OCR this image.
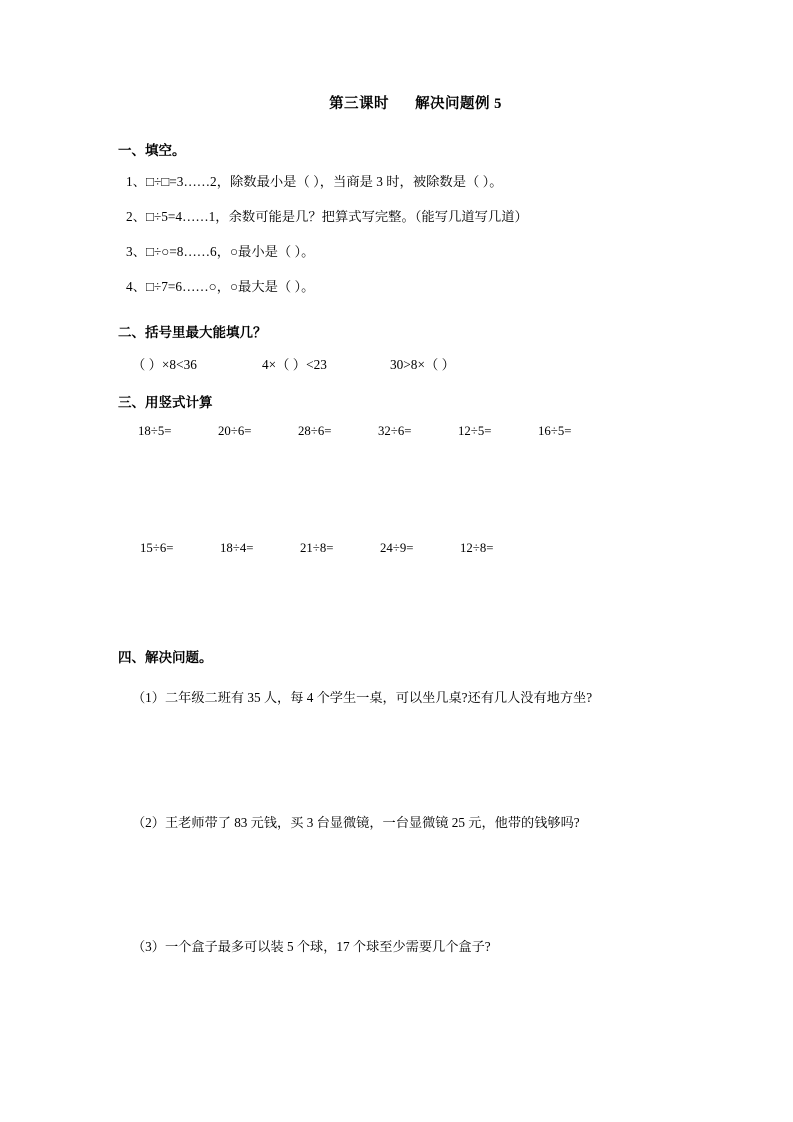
第三课时 解决问题例 5
一、填空。
1、□÷□=3……2，除数最小是（ ），当商是 3 时，被除数是（ ）。
2、□÷5=4……1，余数可能是几？把算式写完整。（能写几道写几道）
3、□÷○=8……6，○最小是（ ）。
4、□÷7=6……○，○最大是（ ）。
二、括号里最大能填几？
（ ）×8<36	4×（ ）<23	30>8×（ ）
三、用竖式计算
18÷5=	20÷6=	28÷6=	32÷6=	12÷5=	16÷5=
15÷6=	18÷4=	21÷8=	24÷9=	12÷8=
四、解决问题。
（1）二年级二班有 35 人，每 4 个学生一桌，可以坐几桌?还有几人没有地方坐?
（2）王老师带了 83 元钱，买 3 台显微镜，一台显微镜 25 元，他带的钱够吗?
（3）一个盒子最多可以装 5 个球，17 个球至少需要几个盒子?
